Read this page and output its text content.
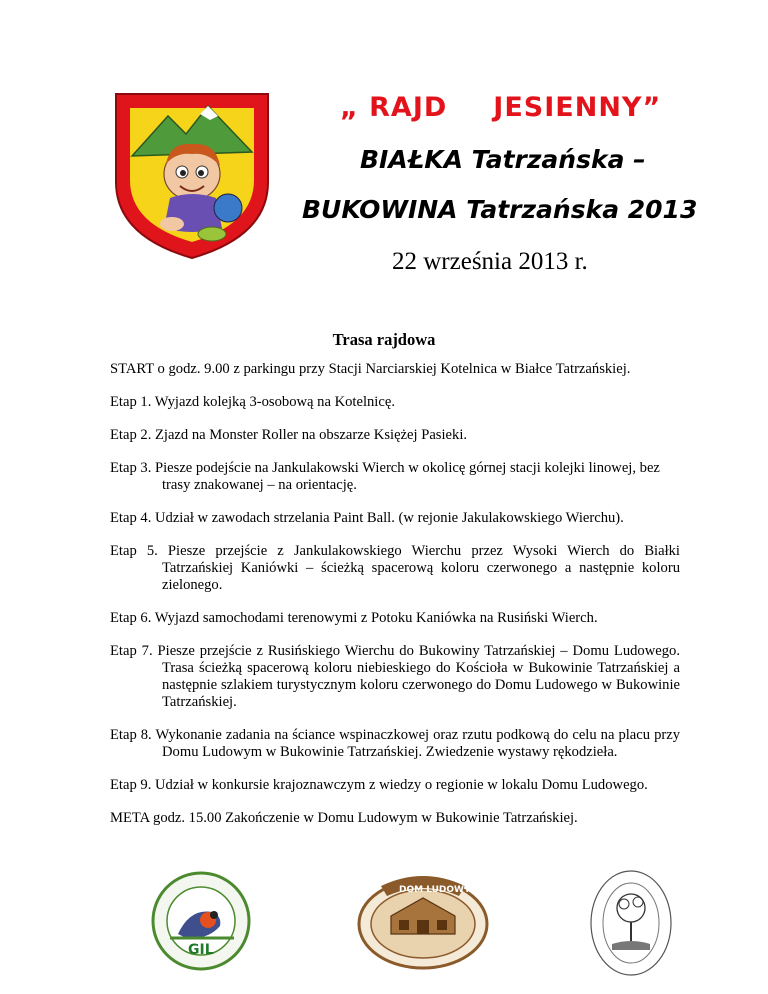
„ RAJD JESIENNY”
BIAŁKA Tatrzańska –
BUKOWINA Tatrzańska 2013
22 września 2013 r.
Trasa rajdowa

START o godz. 9.00 z parkingu przy Stacji Narciarskiej Kotelnica w Białce Tatrzańskiej.

Etap 1. Wyjazd kolejką 3-osobową na Kotelnicę.

Etap 2. Zjazd na Monster Roller na obszarze Księżej Pasieki.

Etap 3. Piesze podejście na Jankulakowski Wierch w okolicę górnej stacji kolejki linowej, bez trasy znakowanej – na orientację.

Etap 4. Udział w zawodach strzelania Paint Ball. (w rejonie Jakulakowskiego Wierchu).

Etap 5. Piesze przejście z Jankulakowskiego Wierchu przez Wysoki Wierch do Białki Tatrzańskiej Kaniówki – ścieżką spacerową koloru czerwonego a następnie koloru zielonego.

Etap 6. Wyjazd samochodami terenowymi z Potoku Kaniówka na Rusiński Wierch.

Etap 7. Piesze przejście z Rusińskiego Wierchu do Bukowiny Tatrzańskiej – Domu Ludowego. Trasa ścieżką spacerową koloru niebieskiego do Kościoła w Bukowinie Tatrzańskiej a następnie szlakiem turystycznym koloru czerwonego do Domu Ludowego w Bukowinie Tatrzańskiej.

Etap 8. Wykonanie zadania na ściance wspinaczkowej oraz rzutu podkową do celu na placu przy Domu Ludowym w Bukowinie Tatrzańskiej. Zwiedzenie wystawy rękodzieła.

Etap 9. Udział w konkursie krajoznawczym z wiedzy o regionie w lokalu Domu Ludowego.

META godz. 15.00 Zakończenie w Domu Ludowym w Bukowinie Tatrzańskiej.

GIL
DOM LUDOWY
